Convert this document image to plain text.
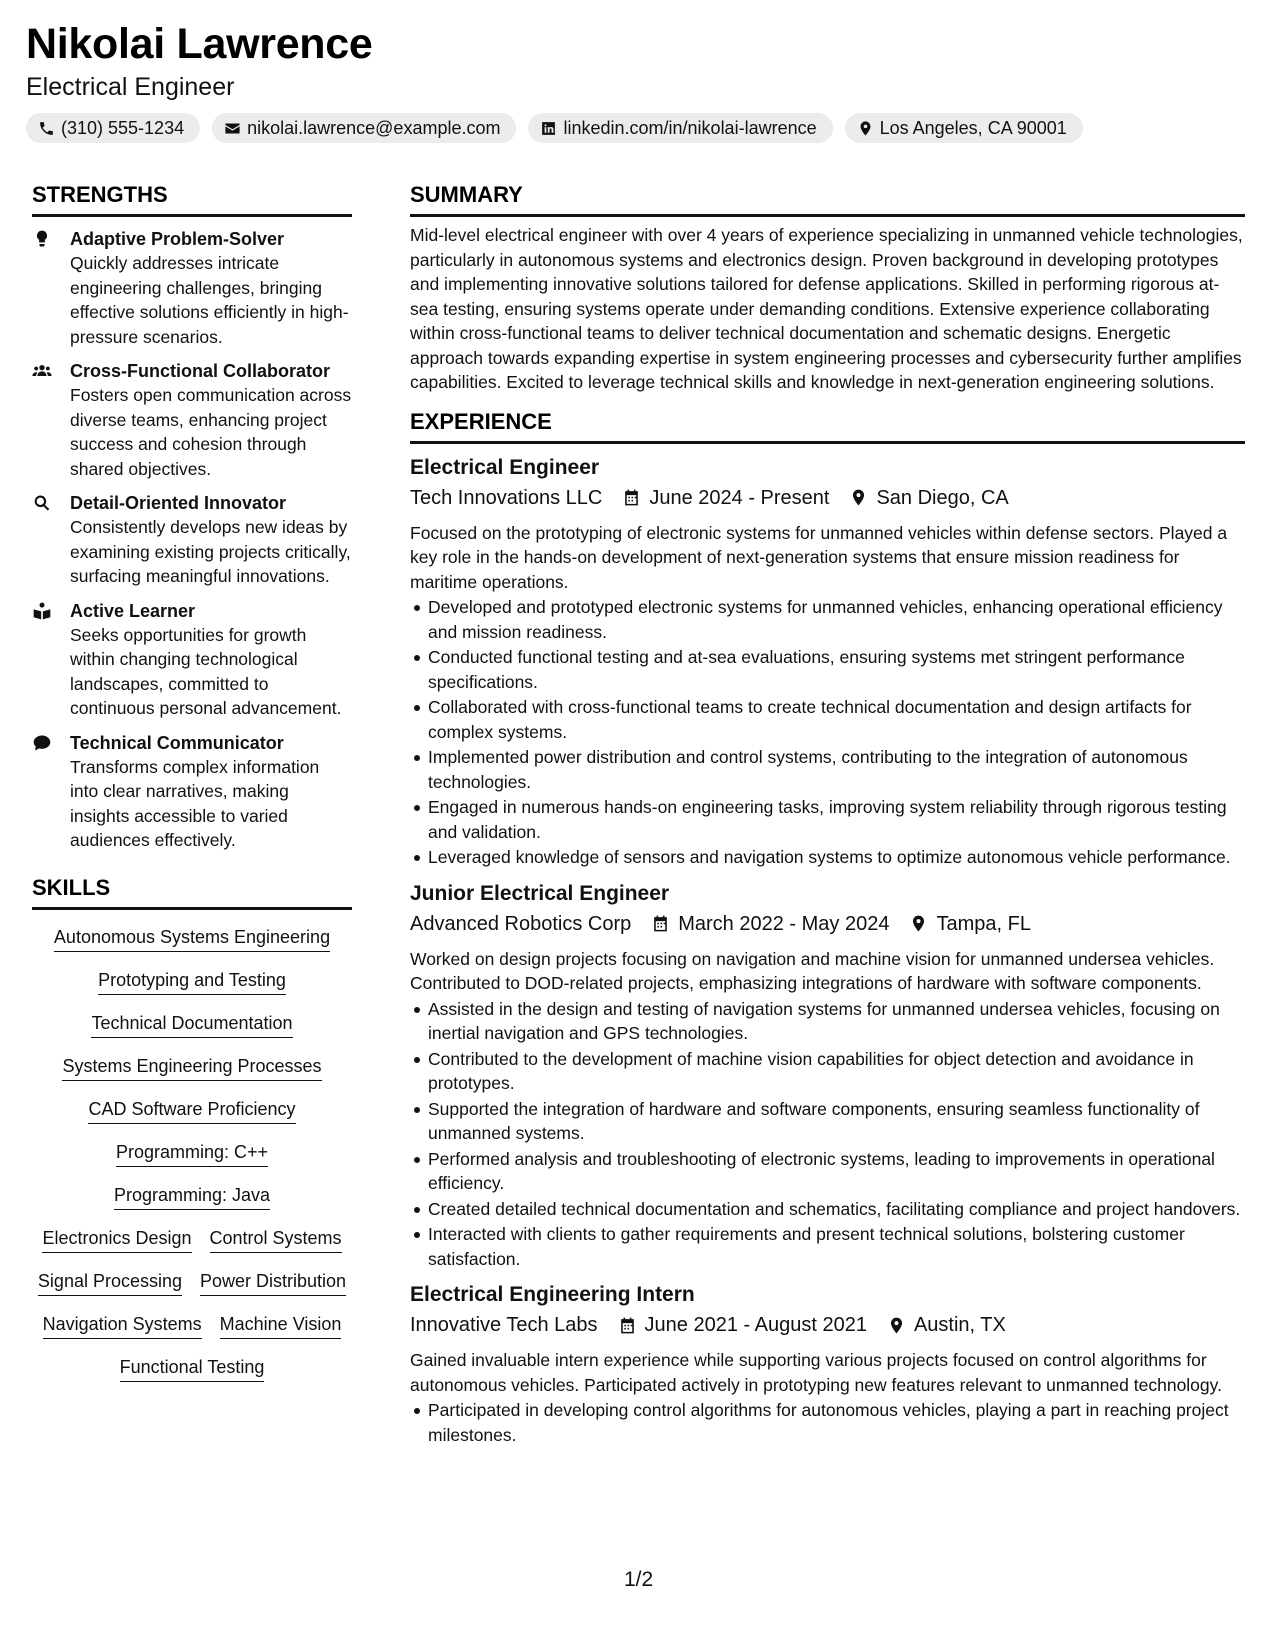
Nikolai Lawrence
Electrical Engineer
(310) 555-1234	nikolai.lawrence@example.com	linkedin.com/in/nikolai-lawrence	Los Angeles, CA 90001
STRENGTHS
Adaptive Problem-Solver
Quickly addresses intricate engineering challenges, bringing effective solutions efficiently in high-pressure scenarios.
Cross-Functional Collaborator
Fosters open communication across diverse teams, enhancing project success and cohesion through shared objectives.
Detail-Oriented Innovator
Consistently develops new ideas by examining existing projects critically, surfacing meaningful innovations.
Active Learner
Seeks opportunities for growth within changing technological landscapes, committed to continuous personal advancement.
Technical Communicator
Transforms complex information into clear narratives, making insights accessible to varied audiences effectively.
SKILLS
Autonomous Systems Engineering
Prototyping and Testing
Technical Documentation
Systems Engineering Processes
CAD Software Proficiency
Programming: C++
Programming: Java
Electronics Design Control Systems
Signal Processing Power Distribution
Navigation Systems Machine Vision
Functional Testing
SUMMARY
Mid-level electrical engineer with over 4 years of experience specializing in unmanned vehicle technologies, particularly in autonomous systems and electronics design. Proven background in developing prototypes and implementing innovative solutions tailored for defense applications. Skilled in performing rigorous at-sea testing, ensuring systems operate under demanding conditions. Extensive experience collaborating within cross-functional teams to deliver technical documentation and schematic designs. Energetic approach towards expanding expertise in system engineering processes and cybersecurity further amplifies capabilities. Excited to leverage technical skills and knowledge in next-generation engineering solutions.
EXPERIENCE
Electrical Engineer
Tech Innovations LLC June 2024 - Present San Diego, CA
Focused on the prototyping of electronic systems for unmanned vehicles within defense sectors. Played a key role in the hands-on development of next-generation systems that ensure mission readiness for maritime operations.
Developed and prototyped electronic systems for unmanned vehicles, enhancing operational efficiency and mission readiness.
Conducted functional testing and at-sea evaluations, ensuring systems met stringent performance specifications.
Collaborated with cross-functional teams to create technical documentation and design artifacts for complex systems.
Implemented power distribution and control systems, contributing to the integration of autonomous technologies.
Engaged in numerous hands-on engineering tasks, improving system reliability through rigorous testing and validation.
Leveraged knowledge of sensors and navigation systems to optimize autonomous vehicle performance.
Junior Electrical Engineer
Advanced Robotics Corp March 2022 - May 2024 Tampa, FL
Worked on design projects focusing on navigation and machine vision for unmanned undersea vehicles. Contributed to DOD-related projects, emphasizing integrations of hardware with software components.
Assisted in the design and testing of navigation systems for unmanned undersea vehicles, focusing on inertial navigation and GPS technologies.
Contributed to the development of machine vision capabilities for object detection and avoidance in prototypes.
Supported the integration of hardware and software components, ensuring seamless functionality of unmanned systems.
Performed analysis and troubleshooting of electronic systems, leading to improvements in operational efficiency.
Created detailed technical documentation and schematics, facilitating compliance and project handovers.
Interacted with clients to gather requirements and present technical solutions, bolstering customer satisfaction.
Electrical Engineering Intern
Innovative Tech Labs June 2021 - August 2021 Austin, TX
Gained invaluable intern experience while supporting various projects focused on control algorithms for autonomous vehicles. Participated actively in prototyping new features relevant to unmanned technology.
Participated in developing control algorithms for autonomous vehicles, playing a part in reaching project milestones.
1/2
